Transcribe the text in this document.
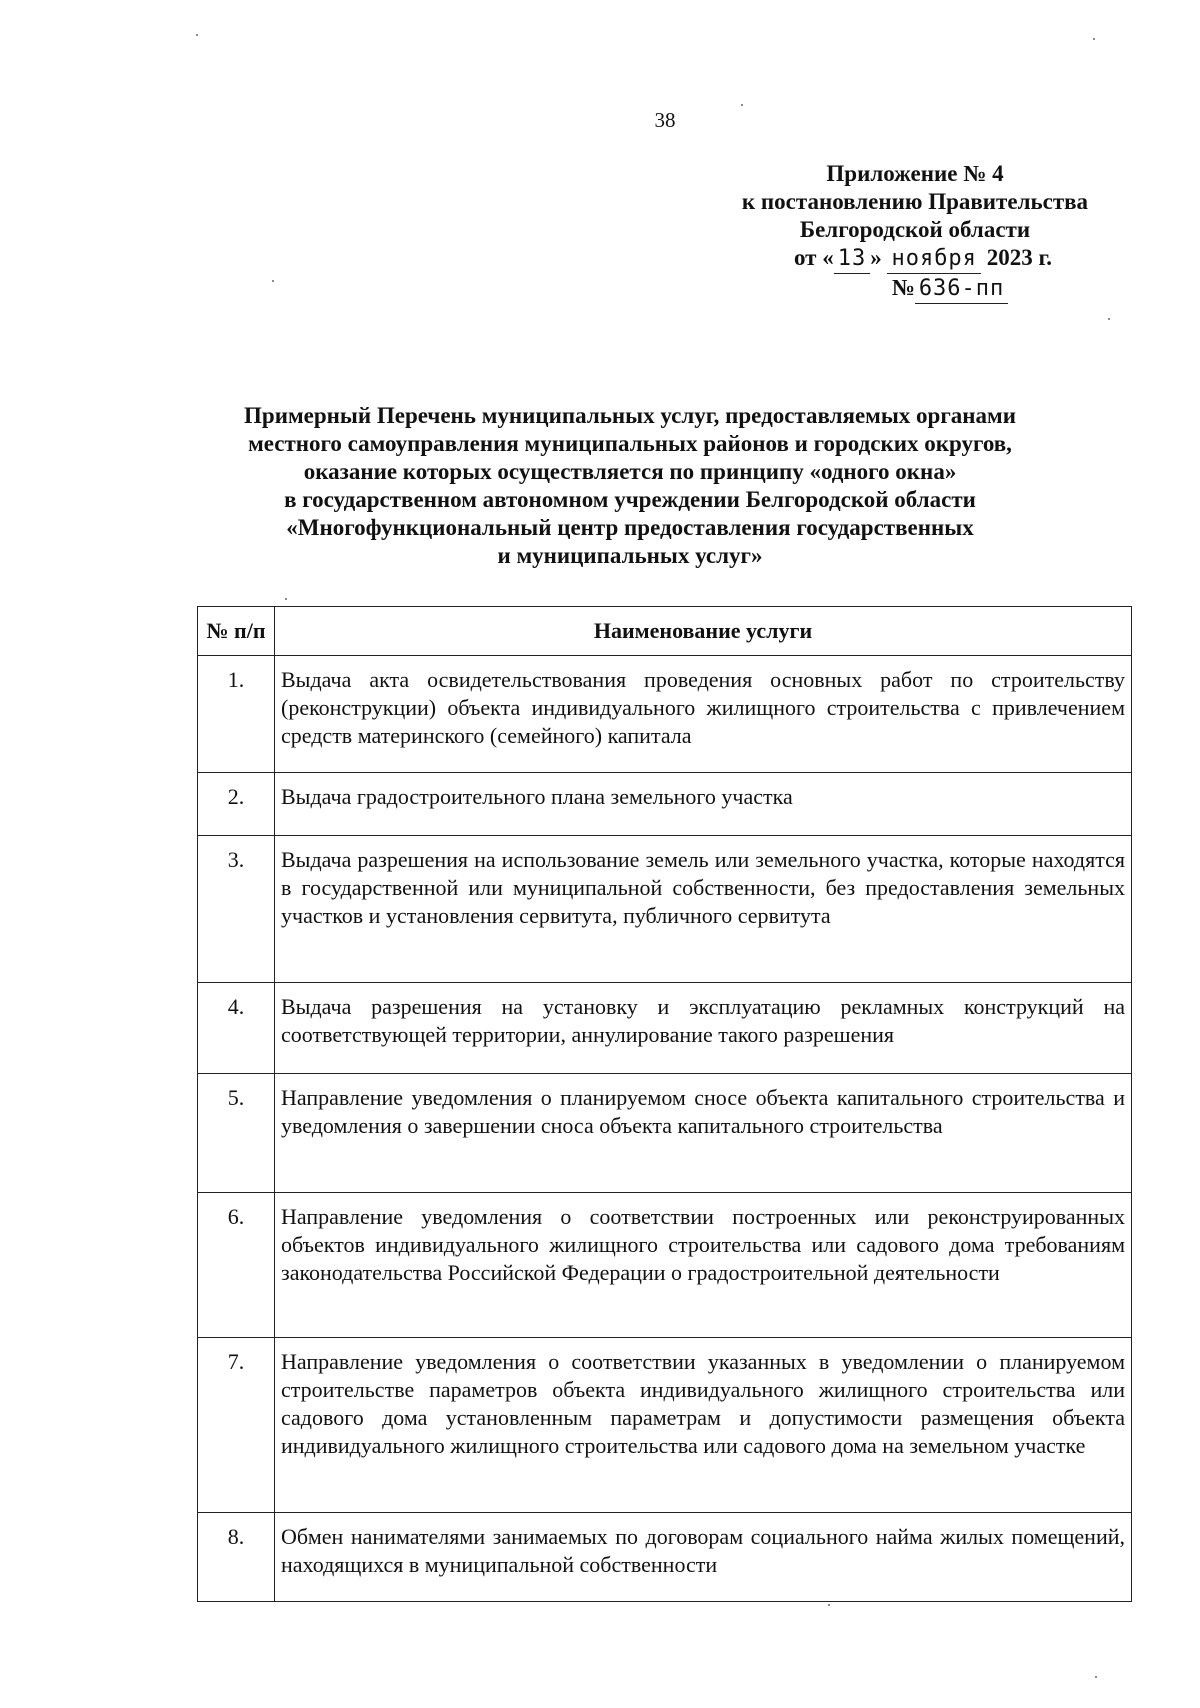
38
Приложение № 4
к постановлению Правительства
Белгородской области
от « 13 » ноября 2023 г.
№ 636-пп
Примерный Перечень муниципальных услуг, предоставляемых органами
местного самоуправления муниципальных районов и городских округов,
оказание которых осуществляется по принципу «одного окна»
в государственном автономном учреждении Белгородской области
«Многофункциональный центр предоставления государственных
и муниципальных услуг»
№ п/п	Наименование услуги
1.	Выдача акта освидетельствования проведения основных работ по строительству (реконструкции) объекта индивидуального жилищного строительства с привлечением средств материнского (семейного) капитала
2.	Выдача градостроительного плана земельного участка
3.	Выдача разрешения на использование земель или земельного участка, которые находятся в государственной или муниципальной собственности, без предоставления земельных участков и установления сервитута, публичного сервитута
4.	Выдача разрешения на установку и эксплуатацию рекламных конструкций на соответствующей территории, аннулирование такого разрешения
5.	Направление уведомления о планируемом сносе объекта капитального строительства и уведомления о завершении сноса объекта капитального строительства
6.	Направление уведомления о соответствии построенных или реконструированных объектов индивидуального жилищного строительства или садового дома требованиям законодательства Российской Федерации о градостроительной деятельности
7.	Направление уведомления о соответствии указанных в уведомлении о планируемом строительстве параметров объекта индивидуального жилищного строительства или садового дома установленным параметрам и допустимости размещения объекта индивидуального жилищного строительства или садового дома на земельном участке
8.	Обмен нанимателями занимаемых по договорам социального найма жилых помещений, находящихся в муниципальной собственности
